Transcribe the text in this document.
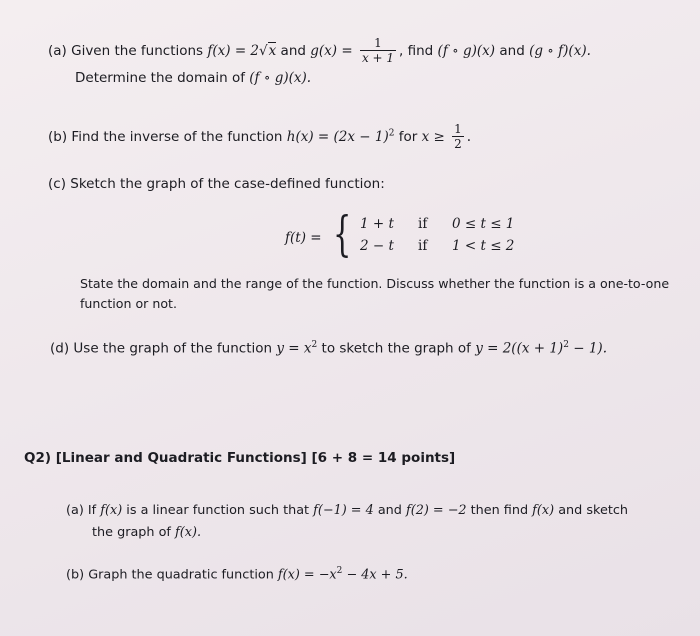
(a) Given the functions f(x) = 2√x and $g(x) = \frac{1}{x + 1}$ , find (f ∘ g)(x) and (g ∘ f)(x).
Determine the domain of (f ∘ g)(x).
(b) Find the inverse of the function $h(x) = (2x - 1)^2$ for $x \ge \frac{1}{2}$ .
(c) Sketch the graph of the case-defined function:
f(t) = { 1 + t if 0 ≤ t ≤ 1
2 − t if 1 < t ≤ 2
State the domain and the range of the function. Discuss whether the function is a one-to-one
function or not.
(d) Use the graph of the function $y = x^2$ to sketch the graph of $y = 2((x + 1)^2 - 1)$.
Q2) [Linear and Quadratic Functions] [6 + 8 = 14 points]
(a) If f(x) is a linear function such that f(−1) = 4 and f(2) = −2 then find f(x) and sketch
the graph of f(x).
(b) Graph the quadratic function $f(x) = -x^2 - 4x + 5$.
